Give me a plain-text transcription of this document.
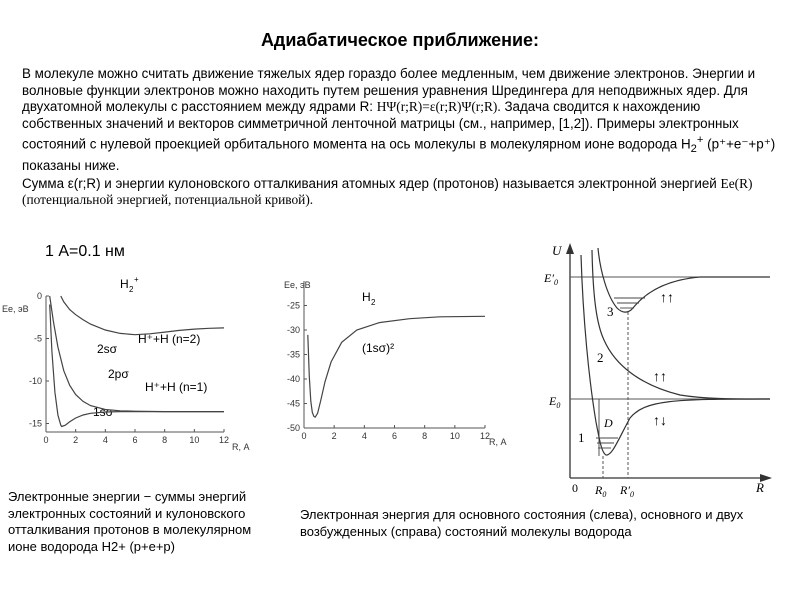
Адиабатическое приближение:

В молекуле можно считать движение тяжелых ядер гораздо более медленным, чем движение электронов. Энергии и волновые функции электронов можно находить путем решения уравнения Шредингера для неподвижных ядер. Для двухатомной молекулы с расстоянием между ядрами R: HΨ(r;R)=ε(r;R)Ψ(r;R). Задача сводится к нахождению собственных значений и векторов симметричной ленточной матрицы (см., например, [1,2]). Примеры электронных состояний с нулевой проекцией орбитального момента на ось молекулы в молекулярном ионе водорода $H_2^+$ (p⁺+e⁻+p⁺) показаны ниже.

Сумма ε(r;R) и энергии кулоновского отталкивания атомных ядер (протонов) называется электронной энергией Ee(R) (потенциальной энергией, потенциальной кривой).

1 А=0.1 нм
H 2
+
Ee, эВ
R, А
2sσ
2pσ
1sσ
H⁺+H (n=2)
H⁺+H (n=1)
0	2	4	6	8 10 12
0
-5
-10
-15
H 2
Ee, эВ
R, А
(1sσ)²
0	2	4	6	8	10 12
-25
-30
-35
-40
-45
-50
U
R
0
$E'_0$
$E_0$
$R_0$ $R'_0$
D
1
2
3
↑↑
↑↑
↑↓
Электронные энергии − суммы энергий электронных состояний и кулоновского отталкивания протонов в молекулярном ионе водорода H2+ (p+e+p)
Электронная энергия для основного состояния (слева), основного и двух возбужденных (справа) состояний молекулы водорода
